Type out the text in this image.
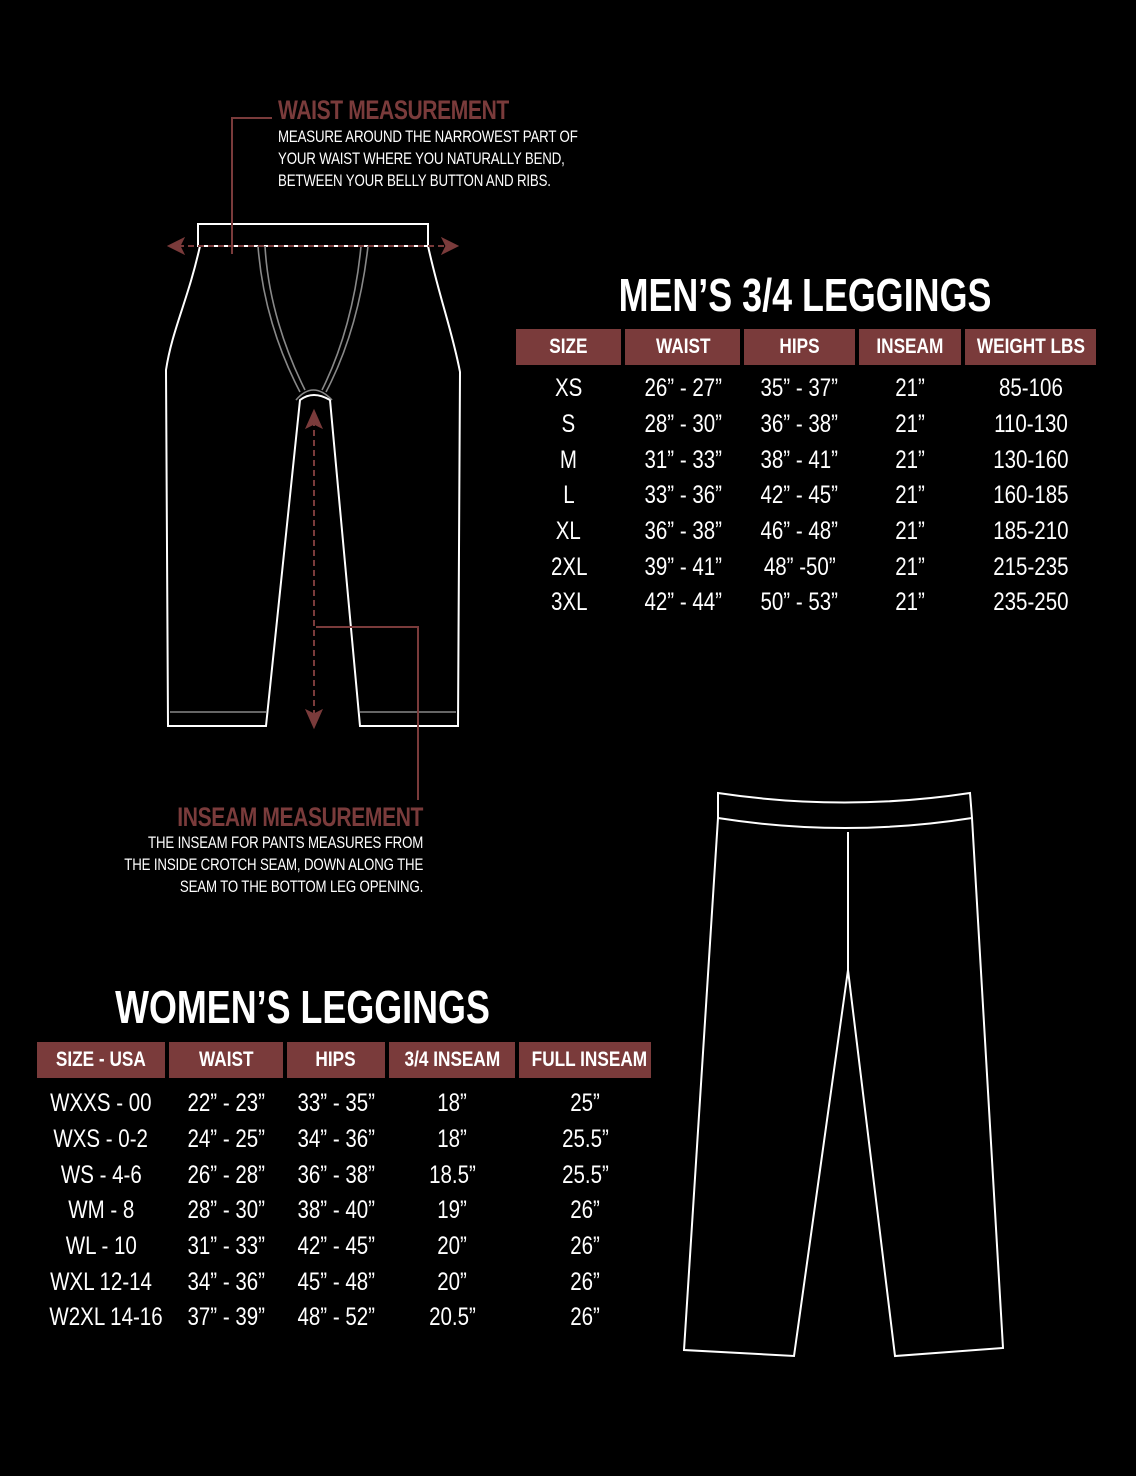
WAIST MEASUREMENT
MEASURE AROUND THE NARROWEST PART OF
YOUR WAIST WHERE YOU NATURALLY BEND,
BETWEEN YOUR BELLY BUTTON AND RIBS.
INSEAM MEASUREMENT
THE INSEAM FOR PANTS MEASURES FROM
THE INSIDE CROTCH SEAM, DOWN ALONG THE
SEAM TO THE BOTTOM LEG OPENING.
MEN’S 3/4 LEGGINGS
SIZE	WAIST	HIPS	INSEAM	WEIGHT LBS
XS	26” - 27”	35” - 37”	21”	85-106
S	28” - 30”	36” - 38”	21”	110-130
M	31” - 33”	38” - 41”	21”	130-160
L	33” - 36”	42” - 45”	21”	160-185
XL	36” - 38”	46” - 48”	21”	185-210
2XL	39” - 41”	48” -50”	21”	215-235
3XL	42” - 44”	50” - 53”	21”	235-250
WOMEN’S LEGGINGS
SIZE - USA	WAIST	HIPS	3/4 INSEAM	FULL INSEAM
WXXS - 00	22” - 23”	33” - 35”	18”	25”
WXS - 0-2	24” - 25”	34” - 36”	18”	25.5”
WS - 4-6	26” - 28”	36” - 38”	18.5”	25.5”
WM - 8	28” - 30”	38” - 40”	19”	26”
WL - 10	31” - 33”	42” - 45”	20”	26”
WXL 12-14	34” - 36”	45” - 48”	20”	26”
W2XL 14-16	37” - 39”	48” - 52”	20.5”	26”
